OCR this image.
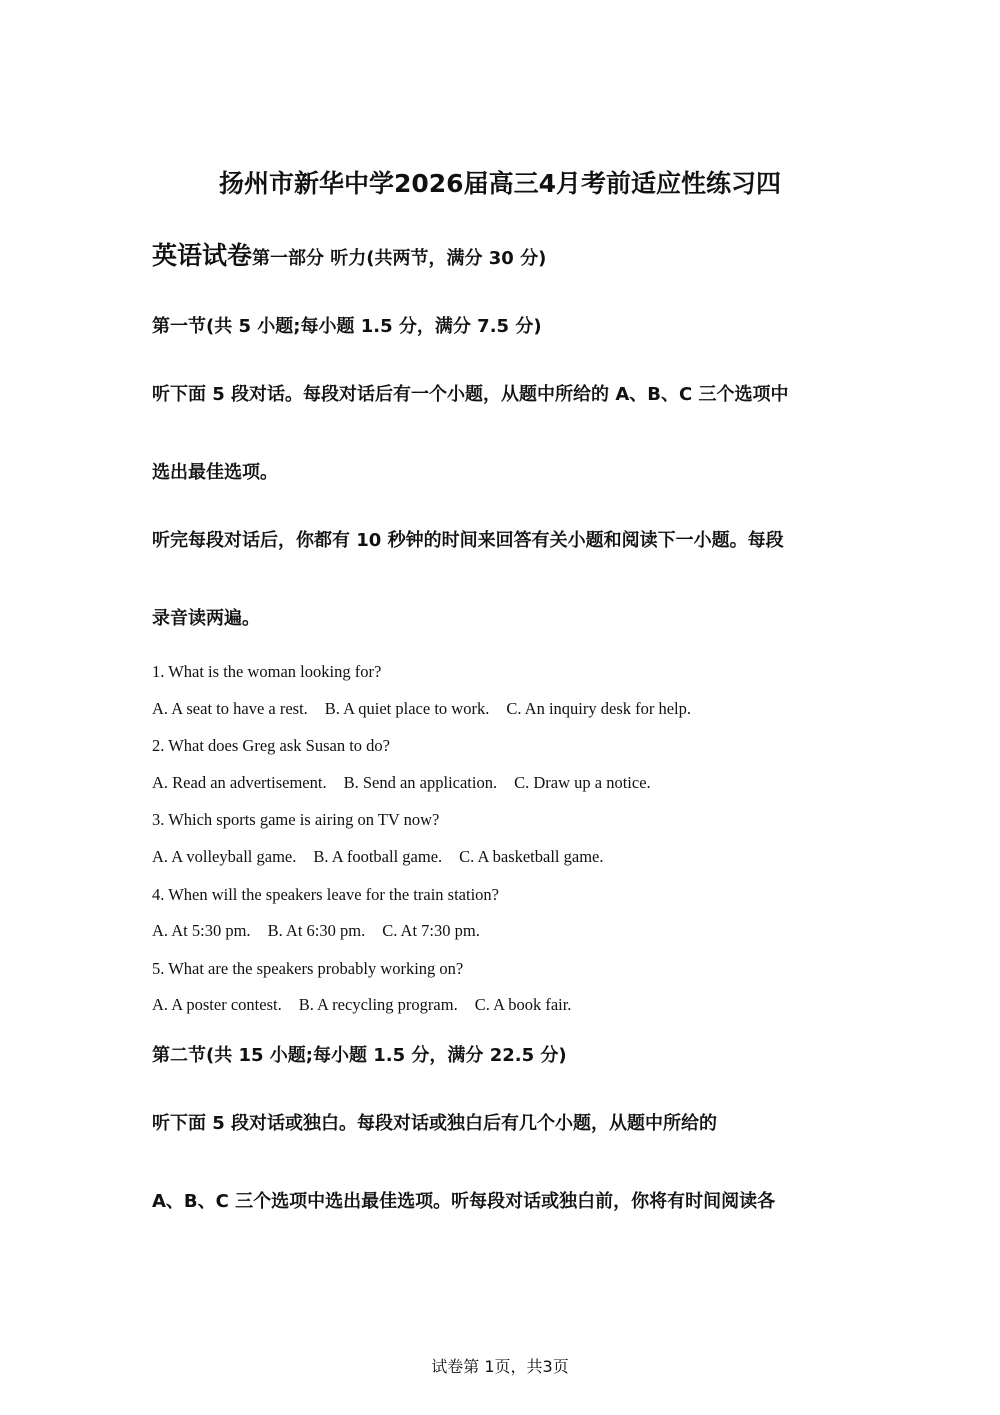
扬州市新华中学2026届高三4月考前适应性练习四
英语试卷第一部分 听力(共两节，满分 30 分)
第一节(共 5 小题;每小题 1.5 分，满分 7.5 分)
听下面 5 段对话。每段对话后有一个小题，从题中所给的 A、B、C 三个选项中
选出最佳选项。
听完每段对话后，你都有 10 秒钟的时间来回答有关小题和阅读下一小题。每段
录音读两遍。
1. What is the woman looking for?
A. A seat to have a rest. B. A quiet place to work. C. An inquiry desk for help.
2. What does Greg ask Susan to do?
A. Read an advertisement. B. Send an application. C. Draw up a notice.
3. Which sports game is airing on TV now?
A. A volleyball game. B. A football game. C. A basketball game.
4. When will the speakers leave for the train station?
A. At 5:30 pm. B. At 6:30 pm. C. At 7:30 pm.
5. What are the speakers probably working on?
A. A poster contest. B. A recycling program. C. A book fair.
第二节(共 15 小题;每小题 1.5 分，满分 22.5 分)
听下面 5 段对话或独白。每段对话或独白后有几个小题，从题中所给的
A、B、C 三个选项中选出最佳选项。听每段对话或独白前，你将有时间阅读各
试卷第 1页，共3页
